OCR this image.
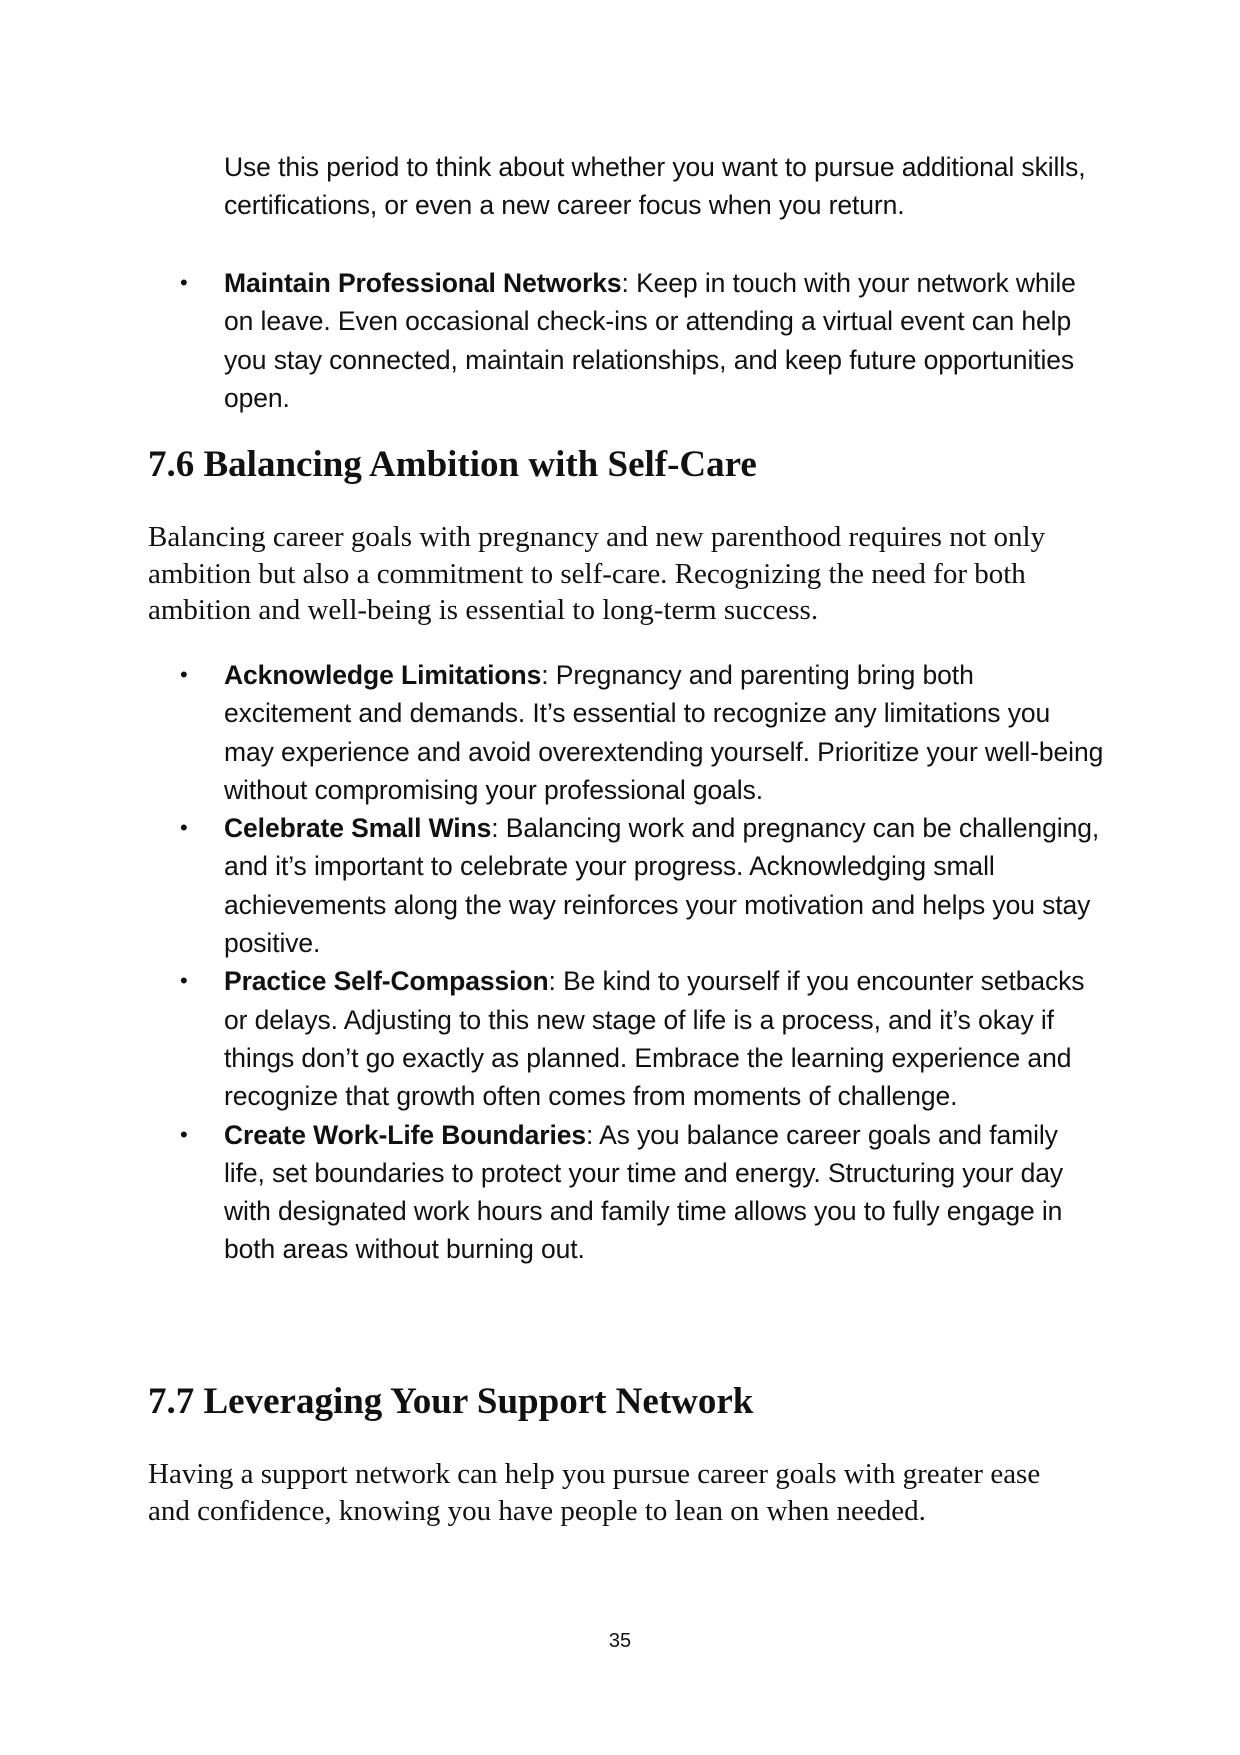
Use this period to think about whether you want to pursue additional skills, certifications, or even a new career focus when you return.

• Maintain Professional Networks: Keep in touch with your network while on leave. Even occasional check-ins or attending a virtual event can help you stay connected, maintain relationships, and keep future opportunities open.
7.6 Balancing Ambition with Self-Care

Balancing career goals with pregnancy and new parenthood requires not only ambition but also a commitment to self-care. Recognizing the need for both ambition and well-being is essential to long-term success.

• Acknowledge Limitations: Pregnancy and parenting bring both excitement and demands. It’s essential to recognize any limitations you may experience and avoid overextending yourself. Prioritize your well-being without compromising your professional goals.
• Celebrate Small Wins: Balancing work and pregnancy can be challenging, and it’s important to celebrate your progress. Acknowledging small achievements along the way reinforces your motivation and helps you stay positive.
• Practice Self-Compassion: Be kind to yourself if you encounter setbacks or delays. Adjusting to this new stage of life is a process, and it’s okay if things don’t go exactly as planned. Embrace the learning experience and recognize that growth often comes from moments of challenge.
• Create Work-Life Boundaries: As you balance career goals and family life, set boundaries to protect your time and energy. Structuring your day with designated work hours and family time allows you to fully engage in both areas without burning out.
7.7 Leveraging Your Support Network

Having a support network can help you pursue career goals with greater ease and confidence, knowing you have people to lean on when needed.

35
